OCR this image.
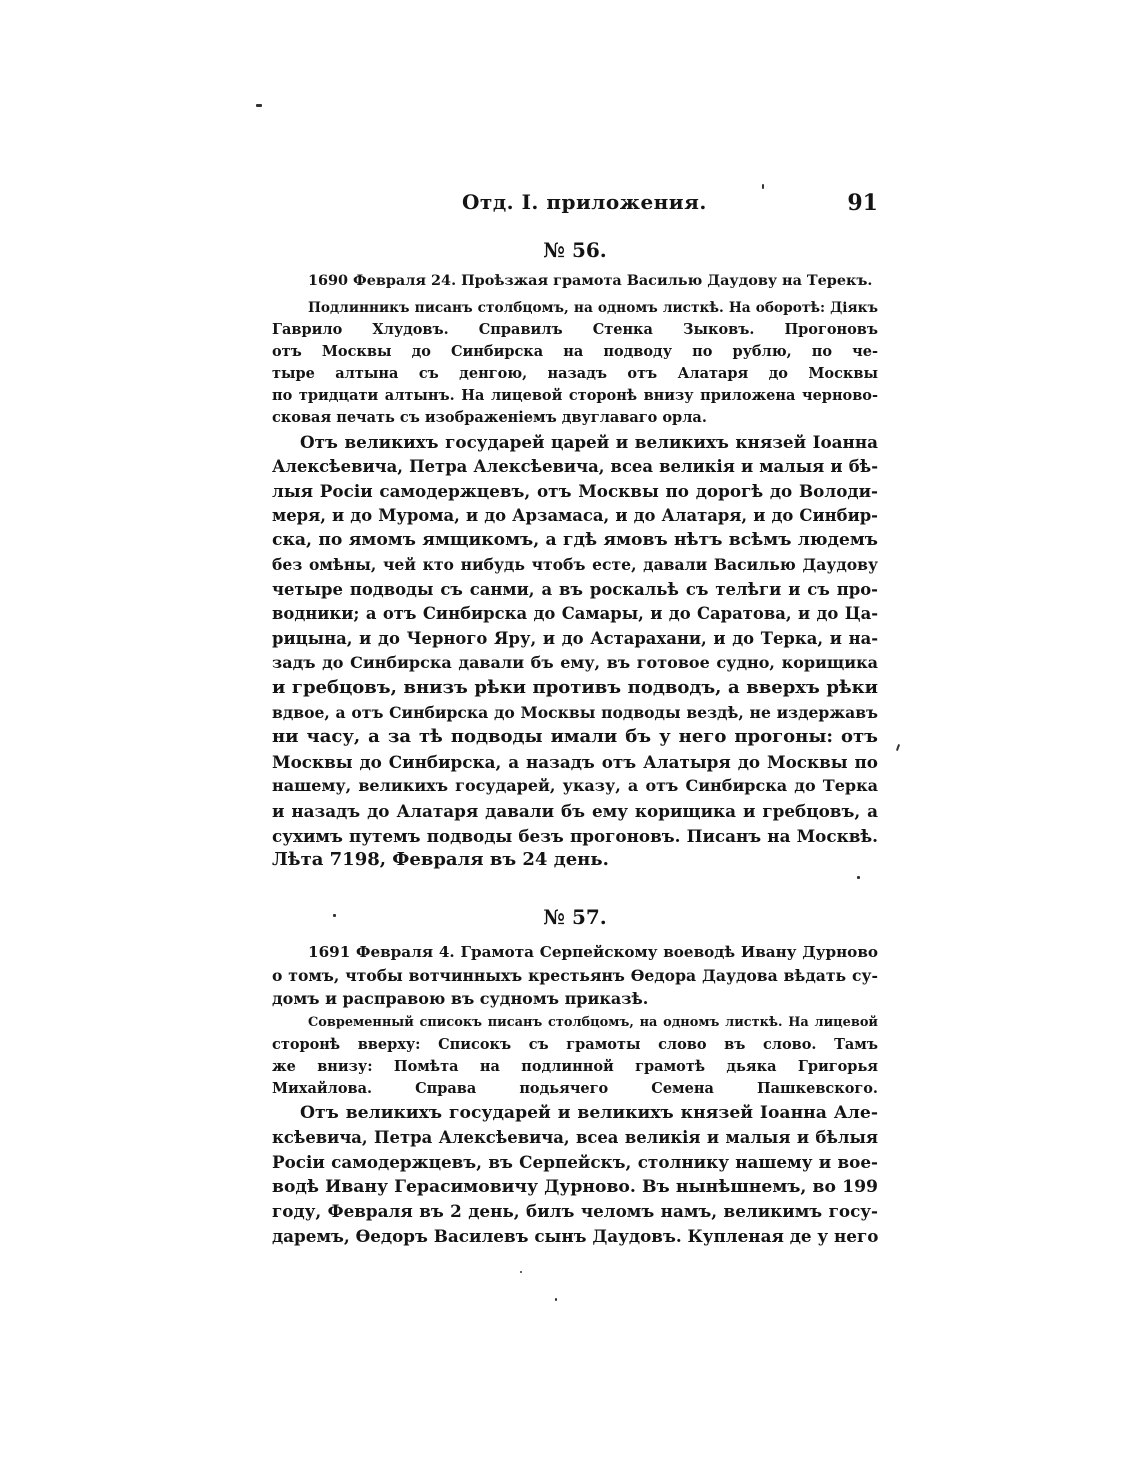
Отд. I. приложения.	91
№ 56.
1690 Февраля 24. Проѣзжая грамота Василью Даудову на Терекъ.
Подлинникъ писанъ столбцомъ, на одномъ листкѣ. На оборотѣ: Дiякъ
Гаврило Хлудовъ. Справилъ Стенка Зыковъ. Прогоновъ
отъ Москвы до Синбирска на подводу по рублю, по че-
тыре алтына съ денгою, назадъ отъ Алатаря до Москвы
по тридцати алтынъ. На лицевой сторонѣ внизу приложена черново-
сковая печать съ изображенiемъ двуглаваго орла.
Отъ великихъ государей царей и великихъ князей Iоанна
Алексѣевича, Петра Алексѣевича, всеа великiя и малыя и бѣ-
лыя Росiи самодержцевъ, отъ Москвы по дорогѣ до Володи-
меря, и до Мурома, и до Арзамаса, и до Алатаря, и до Синбир-
ска, по ямомъ ямщикомъ, а гдѣ ямовъ нѣтъ всѣмъ людемъ
без омѣны, чей кто нибудь чтобъ есте, давали Василью Даудову
четыре подводы съ санми, а въ роскальѣ съ телѣги и съ про-
водники; а отъ Синбирска до Самары, и до Саратова, и до Ца-
рицына, и до Черного Яру, и до Астарахани, и до Терка, и на-
задъ до Синбирска давали бъ ему, въ готовое судно, корищика
и гребцовъ, внизъ рѣки противъ подводъ, а вверхъ рѣки
вдвое, а отъ Синбирска до Москвы подводы вездѣ, не издержавъ
ни часу, а за тѣ подводы имали бъ у него прогоны: отъ
Москвы до Синбирска, а назадъ отъ Алатыря до Москвы по
нашему, великихъ государей, указу, а отъ Синбирска до Терка
и назадъ до Алатаря давали бъ ему корищика и гребцовъ, а
сухимъ путемъ подводы безъ прогоновъ. Писанъ на Москвѣ.
Лѣта 7198, Февраля въ 24 день.
№ 57.
1691 Февраля 4. Грамота Серпейскому воеводѣ Ивану Дурново
о томъ, чтобы вотчинныхъ крестьянъ Өедора Даудова вѣдать су-
домъ и расправою въ судномъ приказѣ.
Современный списокъ писанъ столбцомъ, на одномъ листкѣ. На лицевой
сторонѣ вверху: Списокъ съ грамоты слово въ слово. Тамъ
же внизу: Помѣта на подлинной грамотѣ дьяка Григорья
Михайлова. Справа подьячего Семена Пашкевского.
Отъ великихъ государей и великихъ князей Iоанна Але-
ксѣевича, Петра Алексѣевича, всеа великiя и малыя и бѣлыя
Росiи самодержцевъ, въ Серпейскъ, столнику нашему и вое-
водѣ Ивану Герасимовичу Дурново. Въ нынѣшнемъ, во 199
году, Февраля въ 2 день, билъ челомъ намъ, великимъ госу-
даремъ, Өедоръ Василевъ сынъ Даудовъ. Купленая де у него
